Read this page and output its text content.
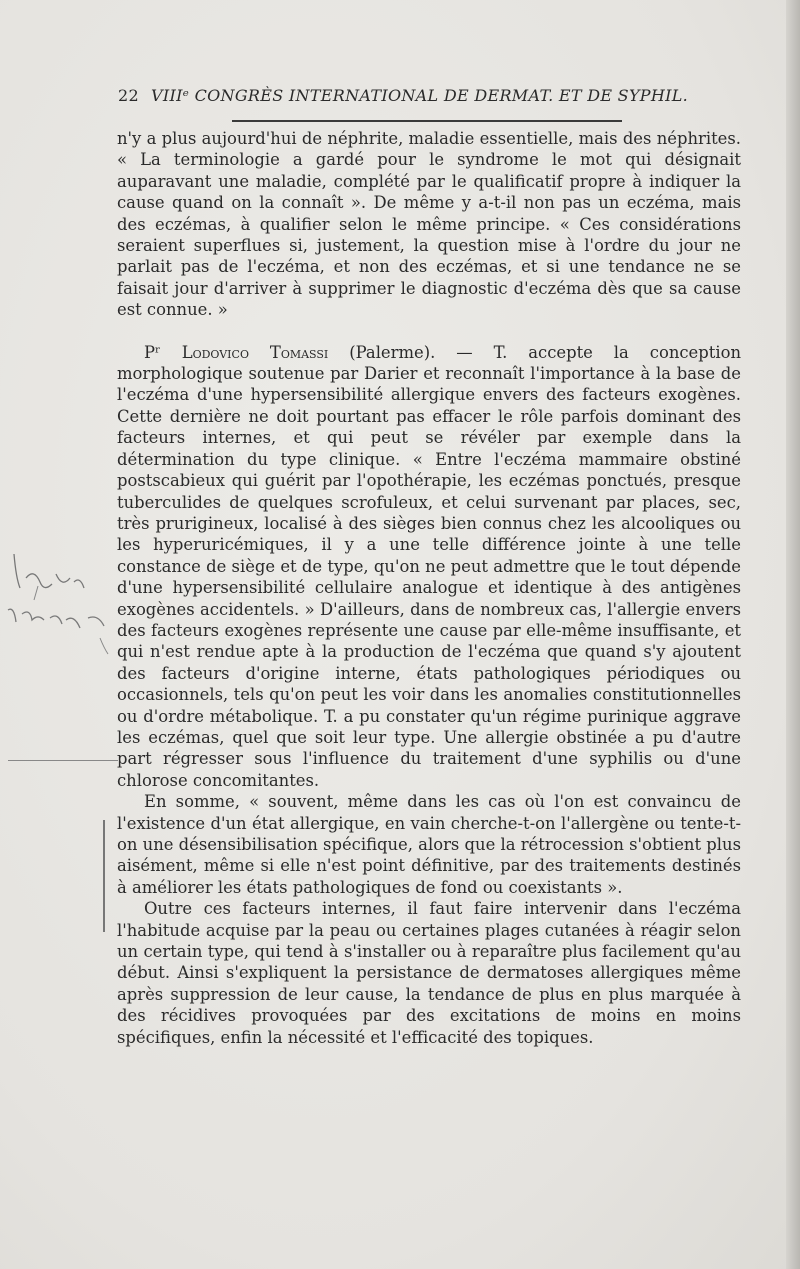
22 VIIIᵉ CONGRÈS INTERNATIONAL DE DERMAT. ET DE SYPHIL.

n'y a plus aujourd'hui de néphrite, maladie essentielle, mais des néphrites. « La terminologie a gardé pour le syndrome le mot qui désignait auparavant une maladie, complété par le qualificatif propre à indiquer la cause quand on la connaît ». De même y a-t-il non pas un eczéma, mais des eczémas, à qualifier selon le même principe. « Ces considérations seraient superflues si, justement, la question mise à l'ordre du jour ne parlait pas de l'eczéma, et non des eczémas, et si une tendance ne se faisait jour d'arriver à supprimer le diagnostic d'eczéma dès que sa cause est connue. »

Pʳ Lodovico Tomassi (Palerme). — T. accepte la conception morphologique soutenue par Darier et reconnaît l'importance à la base de l'eczéma d'une hypersensibilité allergique envers des facteurs exogènes. Cette dernière ne doit pourtant pas effacer le rôle parfois dominant des facteurs internes, et qui peut se révéler par exemple dans la détermination du type clinique. « Entre l'eczéma mammaire obstiné postscabieux qui guérit par l'opothérapie, les eczémas ponctués, presque tuberculides de quelques scrofuleux, et celui survenant par places, sec, très prurigineux, localisé à des sièges bien connus chez les alcooliques ou les hyperuricémiques, il y a une telle différence jointe à une telle constance de siège et de type, qu'on ne peut admettre que le tout dépende d'une hypersensibilité cellulaire analogue et identique à des antigènes exogènes accidentels. » D'ailleurs, dans de nombreux cas, l'allergie envers des facteurs exogènes représente une cause par elle-même insuffisante, et qui n'est rendue apte à la production de l'eczéma que quand s'y ajoutent des facteurs d'origine interne, états pathologiques périodiques ou occasionnels, tels qu'on peut les voir dans les anomalies constitutionnelles ou d'ordre métabolique. T. a pu constater qu'un régime purinique aggrave les eczémas, quel que soit leur type. Une allergie obstinée a pu d'autre part régresser sous l'influence du traitement d'une syphilis ou d'une chlorose concomitantes.

En somme, « souvent, même dans les cas où l'on est convaincu de l'existence d'un état allergique, en vain cherche-t-on l'allergène ou tente-t-on une désensibilisation spécifique, alors que la rétrocession s'obtient plus aisément, même si elle n'est point définitive, par des traitements destinés à améliorer les états pathologiques de fond ou coexistants ».

Outre ces facteurs internes, il faut faire intervenir dans l'eczéma l'habitude acquise par la peau ou certaines plages cutanées à réagir selon un certain type, qui tend à s'installer ou à reparaître plus facilement qu'au début. Ainsi s'expliquent la persistance de dermatoses allergiques même après suppression de leur cause, la tendance de plus en plus marquée à des récidives provoquées par des excitations de moins en moins spécifiques, enfin la nécessité et l'efficacité des topiques.
